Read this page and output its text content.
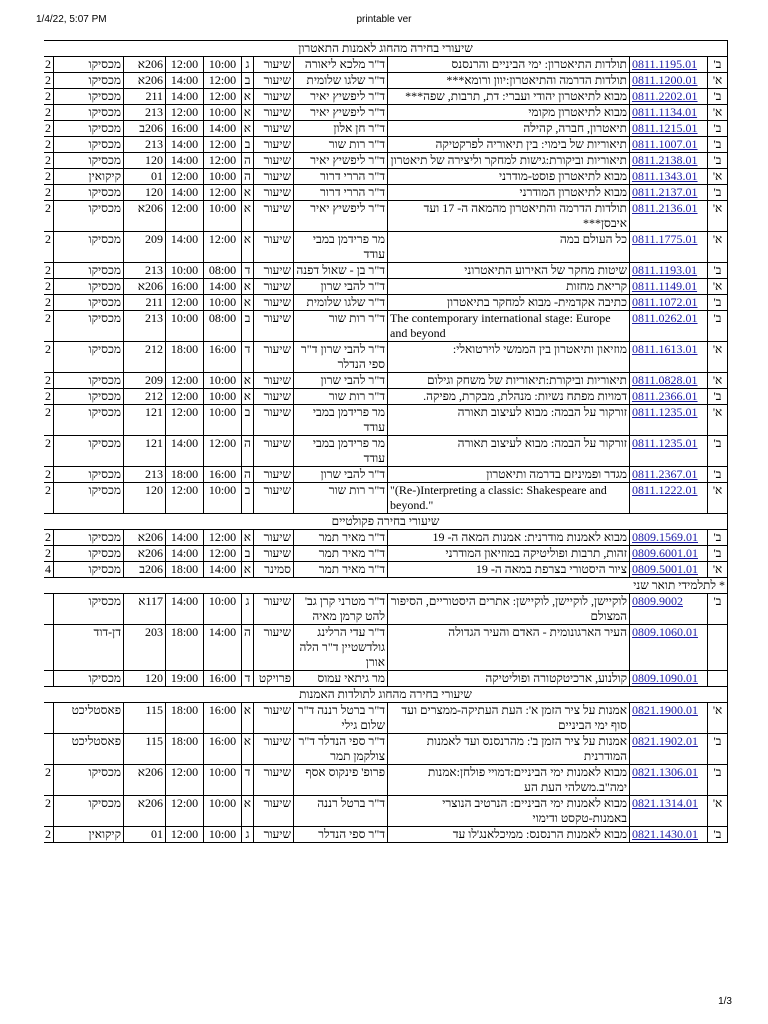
1/4/22, 5:07 PM	printable ver
שיעורי בחירה מהחוג לאמנות התאטרון										
ב'	0811.1195.01	תולדות התיאטרון: ימי הביניים והרנסנס	ד"ר מלכא ליאורה	שיעור	ג	10:00	12:00	206א	מכסיקו	2
א'	0811.1200.01	תולדות הדרמה והתיאטרון:יוון ורומא***	ד"ר שלגו שלומית	שיעור	ב	12:00	14:00	206א	מכסיקו	2
ב'	0811.2202.01	מבוא לתיאטרון יהודי ועברי: דת, תרבות, שפה***	ד"ר ליפשיץ יאיר	שיעור	א	12:00	14:00	211	מכסיקו	2
א'	0811.1134.01	מבוא לתיאטרון מקומי	ד"ר ליפשיץ יאיר	שיעור	א	10:00	12:00	213	מכסיקו	2
ב'	0811.1215.01	תיאטרון, חברה, קהילה	ד"ר חן אלון	שיעור	א	14:00	16:00	206ב	מכסיקו	2
ב'	0811.1007.01	תיאוריות של בימוי: בין תיאוריה לפרקטיקה	ד"ר רות שור	שיעור	ב	12:00	14:00	213	מכסיקו	2
ב'	0811.2138.01	תיאוריות וביקורת:גישות למחקר וליצירה של תיאטרון	ד"ר ליפשיץ יאיר	שיעור	ה	12:00	14:00	120	מכסיקו	2
א'	0811.1343.01	מבוא לתיאטרון פוסט-מודרני	ד"ר הררי דרור	שיעור	ה	10:00	12:00	01	קיקואין	2
ב'	0811.2137.01	מבוא לתיאטרון המודרני	ד"ר הררי דרור	שיעור	א	12:00	14:00	120	מכסיקו	2
א'	0811.2136.01	תולדות הדרמה והתיאטרון מהמאה ה- 17 ועד איבסן***	ד"ר ליפשיץ יאיר	שיעור	א	10:00	12:00	206א	מכסיקו	2
א'	0811.1775.01	כל העולם במה	מר פרידמן במבי עודד	שיעור	א	12:00	14:00	209	מכסיקו	2
ב'	0811.1193.01	שיטות מחקר של האירוע התיאטרוני	ד"ר בן - שאול דפנה	שיעור	ד	08:00	10:00	213	מכסיקו	2
א'	0811.1149.01	קריאת מחזות	ד"ר להבי שרון	שיעור	א	14:00	16:00	206א	מכסיקו	2
ב'	0811.1072.01	כתיבה אקדמית- מבוא למחקר בתיאטרון	ד"ר שלגו שלומית	שיעור	א	10:00	12:00	211	מכסיקו	2
ב'	0811.0262.01	The contemporary international stage: Europe and beyond	ד"ר רות שור	שיעור	ב	08:00	10:00	213	מכסיקו	2
א'	0811.1613.01	מוזיאון ותיאטרון בין הממשי לוירטואלי:	ד"ר להבי שרון ד"ר ספי הנדלר	שיעור	ד	16:00	18:00	212	מכסיקו	2
א'	0811.0828.01	תיאוריות וביקורת:תיאוריות של משחק וגילום	ד"ר להבי שרון	שיעור	א	10:00	12:00	209	מכסיקו	2
ב'	0811.2366.01	דמויות מפתח נשיות: מנהלת, מבקרת, מפיקה.	ד"ר רות שור	שיעור	א	10:00	12:00	212	מכסיקו	2
א'	0811.1235.01	זורקור על הבמה: מבוא לעיצוב תאורה	מר פרידמן במבי עודד	שיעור	ב	10:00	12:00	121	מכסיקו	2
ב'	0811.1235.01	זורקור על הבמה: מבוא לעיצוב תאורה	מר פרידמן במבי עודד	שיעור	ה	12:00	14:00	121	מכסיקו	2
ב'	0811.2367.01	מגדר ופמיניזם בדרמה ותיאטרון	ד"ר להבי שרון	שיעור	ה	16:00	18:00	213	מכסיקו	2
א'	0811.1222.01	"(Re-)Interpreting a classic: Shakespeare and beyond."	ד"ר רות שור	שיעור	ב	10:00	12:00	120	מכסיקו	2
שיעורי בחירה פקולטיים										
ב'	0809.1569.01	מבוא לאמנות מודרנית: אמנות המאה ה- 19	ד"ר מאיר תמר	שיעור	א	12:00	14:00	206א	מכסיקו	2
ב'	0809.6001.01	זהות, תרבות ופוליטיקה במוזיאון המודרני	ד"ר מאיר תמר	שיעור	ב	12:00	14:00	206א	מכסיקו	2
א'	0809.5001.01	ציור היסטורי בצרפת במאה ה- 19	ד"ר מאיר תמר	סמינר	א	14:00	18:00	206ב	מכסיקו	4
* לתלמידי תואר שני										
ב'	0809.9002	לוקיישן, לוקיישן, לוקיישן: אתרים היסטוריים, הסיפור המצולם	ד"ר מטרני קרן גב' להט קרמן מאיה	שיעור	ג	10:00	14:00	117א	מכסיקו	
	0809.1060.01	העיר הארגונומית - האדם והעיר הגדולה	ד"ר עדי הרלינג גולדשטיין ד"ר הלה אורן	שיעור	ה	14:00	18:00	203	דן-דוד	
	0809.1090.01	קולנוע, ארכיטקטורה ופוליטיקה	מר גיתאי עמוס	פרויקט	ד	16:00	19:00	120	מכסיקו	
שיעורי בחירה מהחוג לתולדות האמנות										
א'	0821.1900.01	אמנות על ציר הזמן א': העת העתיקה-ממצרים ועד סוף ימי הביניים	ד"ר ברטל רננה ד"ר שלום גילי	שיעור	א	16:00	18:00	115	פאסטליכט	
ב'	0821.1902.01	אמנות על ציר הזמן ב': מהרנסנס ועד לאמנות המודרנית	ד"ר ספי הנדלר ד"ר צולקמן תמר	שיעור	א	16:00	18:00	115	פאסטליכט	
ב'	0821.1306.01	מבוא לאמנות ימי הביניים:דמויי פולחן:אמנות ימה"ב.משלהי העת הע	פרופ' פינקוס אסף	שיעור	ד	10:00	12:00	206א	מכסיקו	2
א'	0821.1314.01	מבוא לאמנות ימי הביניים: הנרטיב הנוצרי באמנות-טקסט ודימוי	ד"ר ברטל רננה	שיעור	א	10:00	12:00	206א	מכסיקו	2
ב'	0821.1430.01	מבוא לאמנות הרנסנס: ממיכלאנג'לו עד	ד"ר ספי הנדלר	שיעור	ג	10:00	12:00	01	קיקואין	2
1/3
